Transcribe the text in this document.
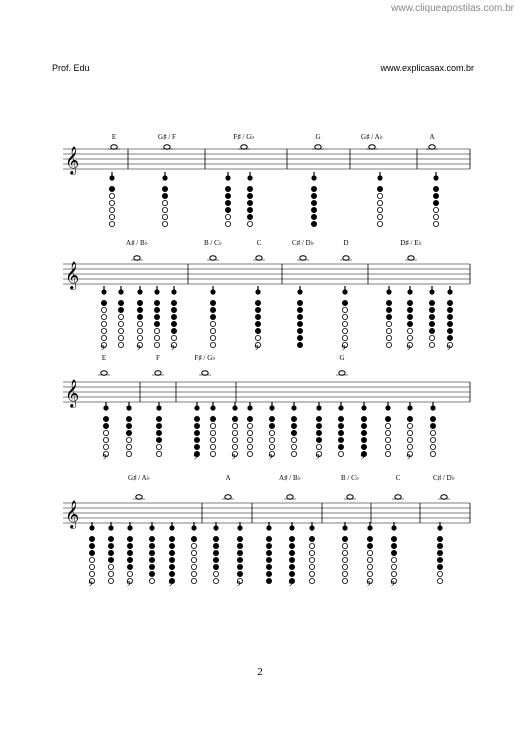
www.cliqueapostilas.com.br
Prof. Edu	www.explicasax.com.br
𝄞
E	G♯ / F	F♯ / G♭	G	G♯ / A♭	A
𝄞
A♯ / B♭	B / C♭	C	C♯ / D♭	D	D♯ / E♭
𝄢	𝄢	𝄢	𝄢	𝄢	𝄢	𝄢
𝄞
E	F	F♯ / G♭	G
𝄢	𝄢	𝄢	𝄢	𝄢	𝄢	𝄢
𝄞
G♯ / A♭	A	A♯ / B♭	B / C♭	C	C♯ / D♭
𝄢	𝄢	𝄢	𝄢	𝄢	𝄢 𝄢
2
